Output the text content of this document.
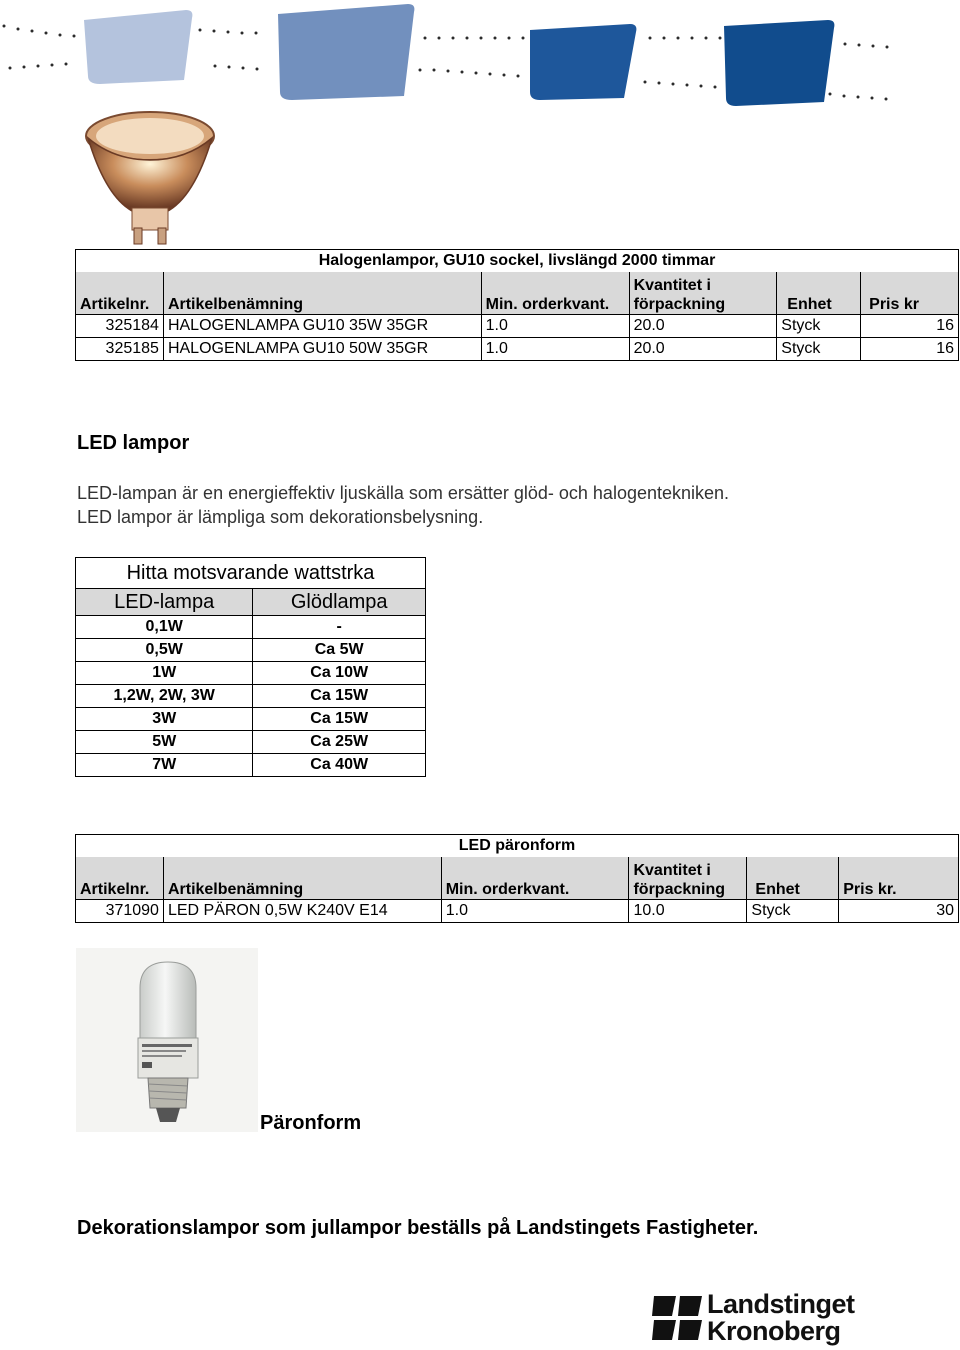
Halogenlampor, GU10 sockel, livslängd 2000 timmar					
Artikelnr.	Artikelbenämning	Min. orderkvant.	Kvantitet i
förpackning	Enhet	Pris kr
325184	HALOGENLAMPA GU10 35W 35GR	1.0	20.0	Styck	16
325185	HALOGENLAMPA GU10 50W 35GR	1.0	20.0	Styck	16
LED lampor
LED-lampan är en energieffektiv ljuskälla som ersätter glöd- och halogentekniken.
LED lampor är lämpliga som dekorationsbelysning.
Hitta motsvarande wattstrka	
LED-lampa	Glödlampa
0,1W	-
0,5W	Ca 5W
1W	Ca 10W
1,2W, 2W, 3W	Ca 15W
3W	Ca 15W
5W	Ca 25W
7W	Ca 40W
LED päronform					
Artikelnr.	Artikelbenämning	Min. orderkvant.	Kvantitet i
förpackning	Enhet	Pris kr.
371090	LED PÄRON 0,5W K240V E14	1.0	10.0	Styck	30
Päronform
Dekorationslampor som jullampor beställs på Landstingets Fastigheter.
Landstinget
Kronoberg
